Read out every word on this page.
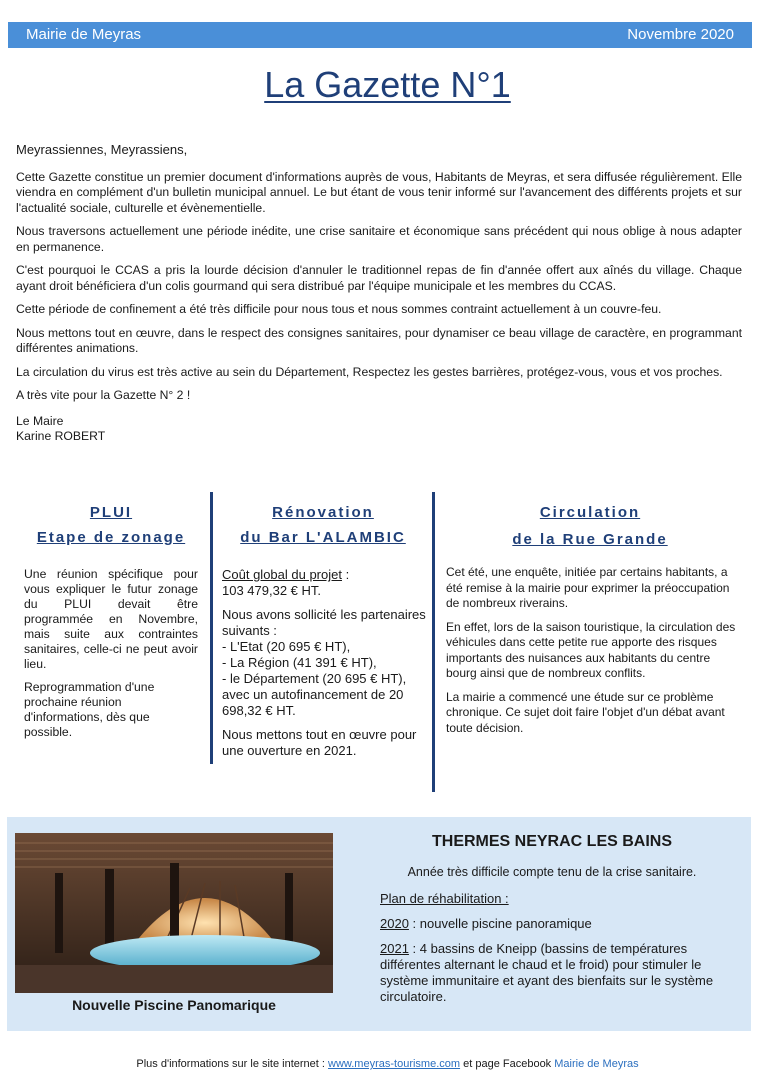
Mairie de Meyras	Novembre 2020
La Gazette N°1

Meyrassiennes, Meyrassiens,

Cette Gazette constitue un premier document d'informations auprès de vous, Habitants de Meyras, et sera diffusée régulièrement. Elle viendra en complément d'un bulletin municipal annuel. Le but étant de vous tenir informé sur l'avancement des différents projets et sur l'actualité sociale, culturelle et évènementielle.

Nous traversons actuellement une période inédite, une crise sanitaire et économique sans précédent qui nous oblige à nous adapter en permanence.

C'est pourquoi le CCAS a pris la lourde décision d'annuler le traditionnel repas de fin d'année offert aux aînés du village. Chaque ayant droit bénéficiera d'un colis gourmand qui sera distribué par l'équipe municipale et les membres du CCAS.

Cette période de confinement a été très difficile pour nous tous et nous sommes contraint actuellement à un couvre-feu.

Nous mettons tout en œuvre, dans le respect des consignes sanitaires, pour dynamiser ce beau village de caractère, en programmant différentes animations.

La circulation du virus est très active au sein du Département, Respectez les gestes barrières, protégez-vous, vous et vos proches.

A très vite pour la Gazette N° 2 !

Le Maire

Karine ROBERT

PLUI
Etape de zonage

Une réunion spécifique pour vous expliquer le futur zonage du PLUI devait être programmée en Novembre, mais suite aux contraintes sanitaires, celle-ci ne peut avoir lieu.

Reprogrammation d'une prochaine réunion d'informations, dès que possible.

Rénovation
du Bar L'ALAMBIC

Coût global du projet :
103 479,32 € HT.

Nous avons sollicité les partenaires suivants :
- L'Etat (20 695 € HT),
- La Région (41 391 € HT),
- le Département (20 695 € HT), avec un autofinancement de 20 698,32 € HT.

Nous mettons tout en œuvre pour une ouverture en 2021.

Circulation
de la Rue Grande

Cet été, une enquête, initiée par certains habitants, a été remise à la mairie pour exprimer la préoccupation de nombreux riverains.

En effet, lors de la saison touristique, la circulation des véhicules dans cette petite rue apporte des risques importants des nuisances aux habitants du centre bourg ainsi que de nombreux conflits.

La mairie a commencé une étude sur ce problème chronique. Ce sujet doit faire l'objet d'un débat avant toute décision.

Nouvelle Piscine Panomarique
THERMES NEYRAC LES BAINS
Année très difficile compte tenu de la crise sanitaire.

Plan de réhabilitation :

2020 : nouvelle piscine panoramique

2021 : 4 bassins de Kneipp (bassins de températures différentes alternant le chaud et le froid) pour stimuler le système immunitaire et ayant des bienfaits sur le système circulatoire.

Plus d'informations sur le site internet : www.meyras-tourisme.com et page Facebook Mairie de Meyras
